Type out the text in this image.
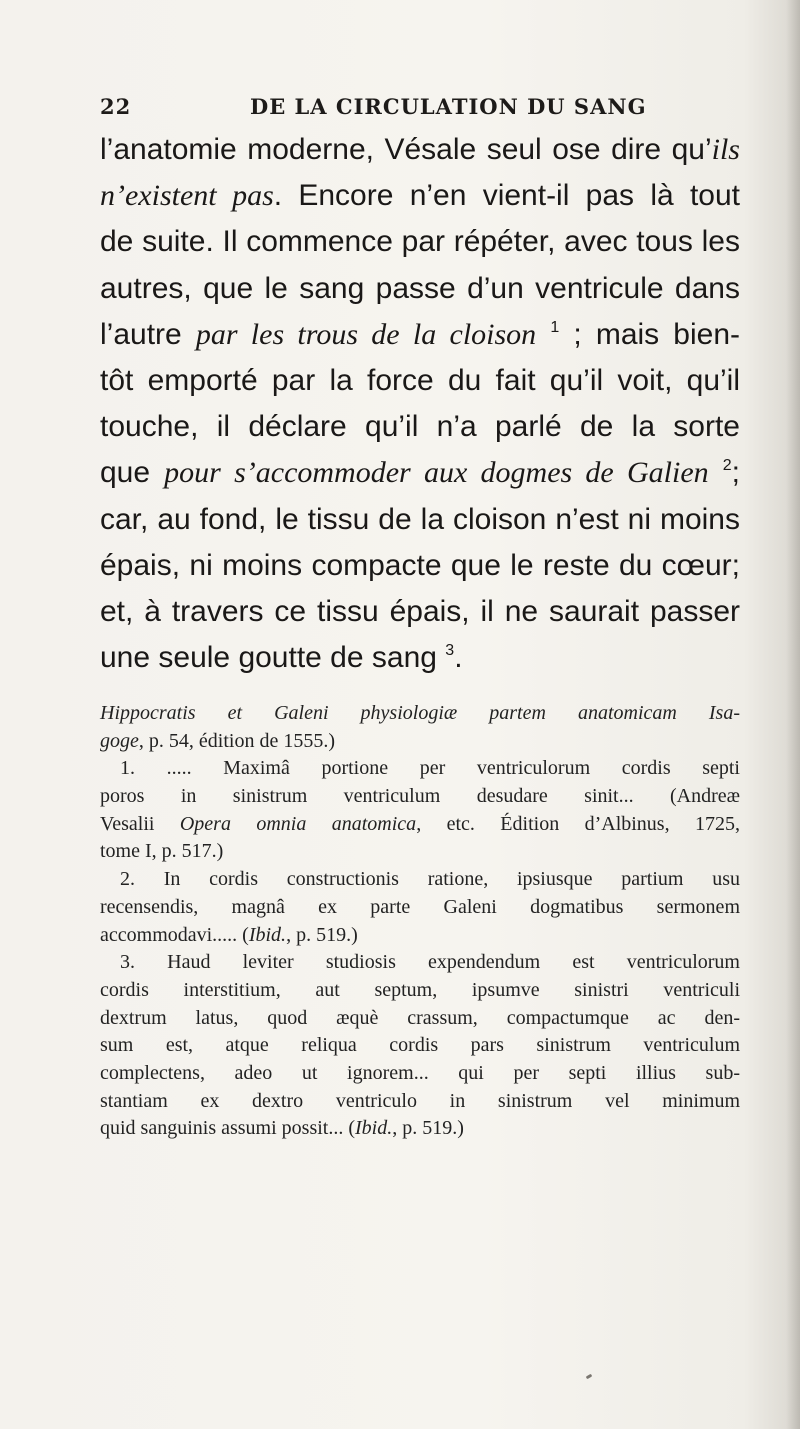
22	DE LA CIRCULATION DU SANG
l’anatomie moderne, Vésale seul ose dire qu’ils
n’existent pas. Encore n’en vient-il pas là tout
de suite. Il commence par répéter, avec tous les
autres, que le sang passe d’un ventricule dans
l’autre par les trous de la cloison $^1$ ; mais bien-
tôt emporté par la force du fait qu’il voit, qu’il
touche, il déclare qu’il n’a parlé de la sorte
que pour s’accommoder aux dogmes de Galien $^2$;
car, au fond, le tissu de la cloison n’est ni moins
épais, ni moins compacte que le reste du cœur;
et, à travers ce tissu épais, il ne saurait passer
une seule goutte de sang $^3$.
Hippocratis et Galeni physiologiæ partem anatomicam Isa-
goge, p. 54, édition de 1555.)
1. ..... Maximâ portione per ventriculorum cordis septi
poros in sinistrum ventriculum desudare sinit... (Andreæ
Vesalii Opera omnia anatomica, etc. Édition d’Albinus, 1725,
tome I, p. 517.)
2. In cordis constructionis ratione, ipsiusque partium usu
recensendis, magnâ ex parte Galeni dogmatibus sermonem
accommodavi..... (Ibid., p. 519.)
3. Haud leviter studiosis expendendum est ventriculorum
cordis interstitium, aut septum, ipsumve sinistri ventriculi
dextrum latus, quod æquè crassum, compactumque ac den-
sum est, atque reliqua cordis pars sinistrum ventriculum
complectens, adeo ut ignorem... qui per septi illius sub-
stantiam ex dextro ventriculo in sinistrum vel minimum
quid sanguinis assumi possit... (Ibid., p. 519.)
